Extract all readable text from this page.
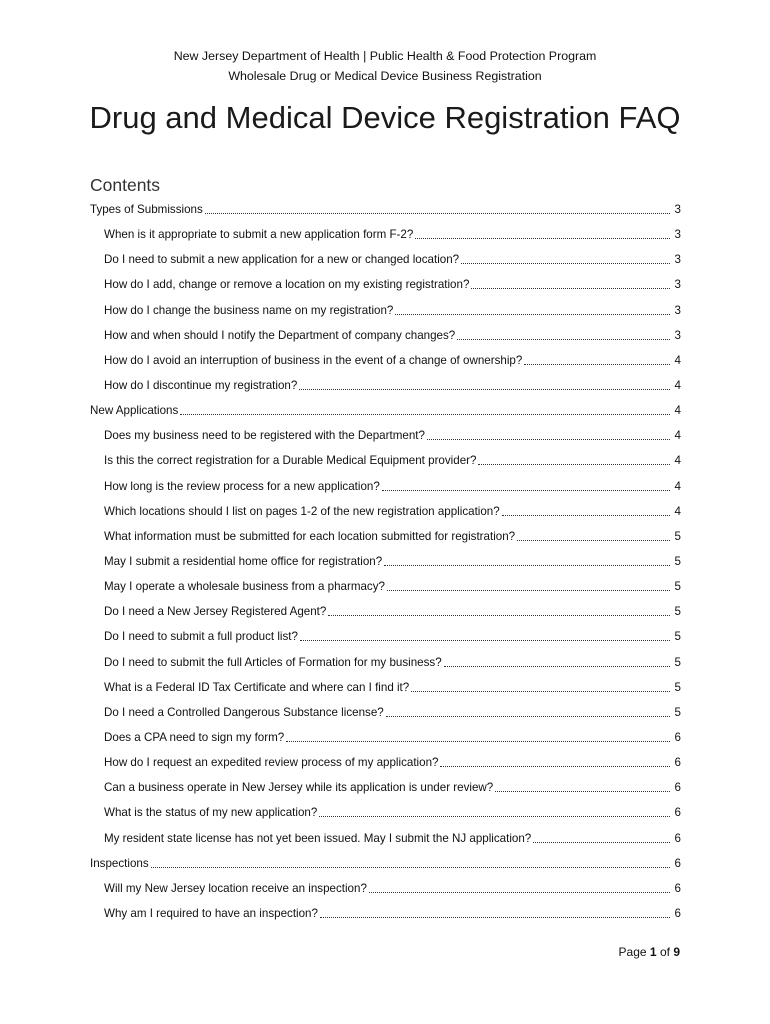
New Jersey Department of Health | Public Health & Food Protection Program
Wholesale Drug or Medical Device Business Registration
Drug and Medical Device Registration FAQ
Contents
Types of Submissions	3
When is it appropriate to submit a new application form F-2?	3
Do I need to submit a new application for a new or changed location?	3
How do I add, change or remove a location on my existing registration?	3
How do I change the business name on my registration?	3
How and when should I notify the Department of company changes?	3
How do I avoid an interruption of business in the event of a change of ownership?	4
How do I discontinue my registration?	4
New Applications	4
Does my business need to be registered with the Department?	4
Is this the correct registration for a Durable Medical Equipment provider?	4
How long is the review process for a new application?	4
Which locations should I list on pages 1-2 of the new registration application?	4
What information must be submitted for each location submitted for registration?	5
May I submit a residential home office for registration?	5
May I operate a wholesale business from a pharmacy?	5
Do I need a New Jersey Registered Agent?	5
Do I need to submit a full product list?	5
Do I need to submit the full Articles of Formation for my business?	5
What is a Federal ID Tax Certificate and where can I find it?	5
Do I need a Controlled Dangerous Substance license?	5
Does a CPA need to sign my form?	6
How do I request an expedited review process of my application?	6
Can a business operate in New Jersey while its application is under review?	6
What is the status of my new application?	6
My resident state license has not yet been issued. May I submit the NJ application?	6
Inspections	6
Will my New Jersey location receive an inspection?	6
Why am I required to have an inspection?	6
Page 1 of 9
